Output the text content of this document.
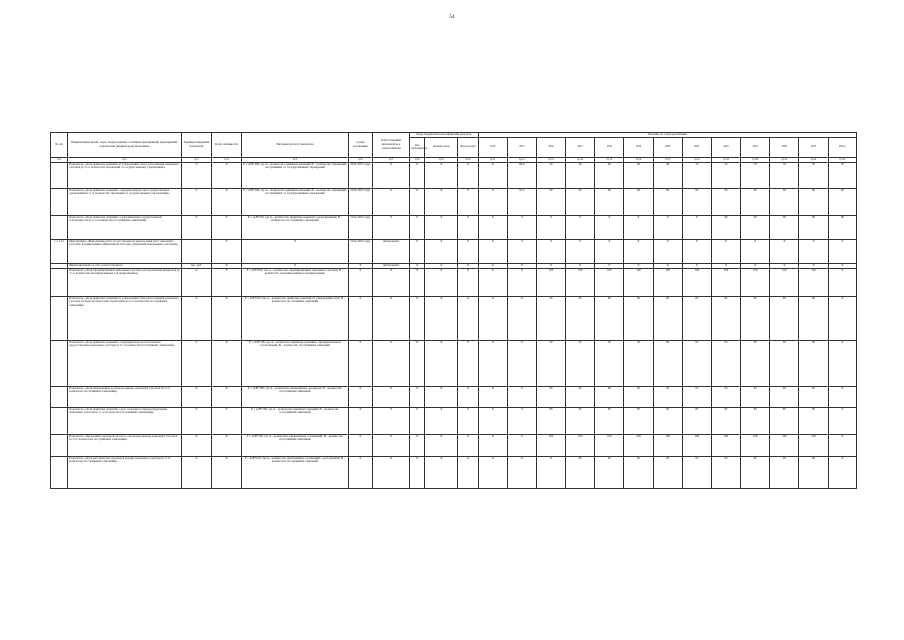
54
№ п/п	Наименование целей, задач, подпрограммы, основных мероприятий, мероприятий, показателей (индикаторов) программы	Единица измерения показателя	Коэф. значимости	Методика расчета показателя	Сроки реализации	Ответственный исполнитель и соисполнители	Коды бюджетной классификации расходов			Значение по годам реализации												
							Код распорядителя	Целевая статья	Вид расходов	2019	2015	2016	2017	2018	2019	2020	2021	2022	2023	2024	2025	Итого
гр.1	гр.2	гр.3	гр.4	гр.5	гр.6	гр.7	гр.8	гр.9	гр.10	гр.11	гр.12	гр.13	гр.14	гр.15	гр.16	гр.17	гр.18	гр.19	гр.20	гр.21	гр.22	гр.23
	Показатель «Доля принятых решений об утверждении схем расположения земельных участков (в % от количества обращений от государственных учреждений)»	%	X	E = A/B*100, где A – количество принятых решений; B – количество обращений, поступивших от государственных учреждений	2014-2025 годы	X	X	X	X	X	66,6	40	40	40	40	40	70	52	70	70	70	70
	Показатель «Доля принятых решений о передаче имущества государственных учреждений (в % от количества обращений от государственных учреждений)»	%	X	E = A/B*100, где A – количество принятых решений; B – количество обращений, поступивших от государственных учреждений	2014-2025 годы	X	X	X	X	X	91,3	90	90	90	90	90	60	60	60	60	60	60
	Показатель «Доля принятых решений о разграничении государственной собственности (в % от количества поступивших заявлений)»	%	X	E = A/B*100, где A – количество принятых решений о разграничении; B – количество поступивших обращений	2014-2025 годы	X	X	X	X	X	X	X	X	X	X	X	X	90	90	90	90	90
1.1.1.15	Мероприятие «Выполнение работ по постановке на кадастровый учет земельных участков, формированию эффективной системы управления земельными участками»		X	X	2014-2025 годы	Департамент	X	X	X	X	X	X	X	X	X	X	X	X	X	X	X	X
	Финансирование за счет средств бюджета	тыс. руб.	X	X	X	Департамент	X	X	X	X	X	X	X	X	X	X	X	X	X	X	X	X
	Показатель «Доля сформированных земельных участков для проведения аукционов (в % от количества запланированных к формированию)»	%	X	E = A/B*100, где A – количество сформированных земельных участков; B – количество запланированных к формированию	X	X	X	X	X	X	X	100	100	100	100	100	100	100	100	100	100	X
	Показатель «Доля принятых решений об утверждении схем расположения земельных участков на кадастровом плане территории (в % от количества поступивших заявлений)»	%	X	E = A/B*100, где A – количество принятых решений об утверждении схем; B – количество поступивших заявлений	X	X	X	X	X	X	X	40	85	85	85	85	85	85	85	85	85	X
	Показатель «Доля принятых решений о предварительном согласовании предоставления земельных участков (в % от количества поступивших заявлений)»	%	X	E = A/B*100, где A – количество принятых решений о предварительном согласовании; B – количество поступивших заявлений	X	X	X	X	X	X	X	40	50	50	50	60	65	65	65	65	65	X
	Показатель «Доля заключенных договоров аренды земельных участков (в % от количества поступивших заявлений)»	%	X	E = A/B*100, где A – количество заключенных договоров; B – количество поступивших заявлений	X	X	X	X	X	X	X	80	85	90	95	95	95	95	95	95	95	X
	Показатель «Доля принятых решений о даче согласия на перераспределение земельных участков (в % от количества поступивших заявлений)»	%	X	E = A/B*100, где A – количество принятых решений; B – количество поступивших заявлений	X	X	X	X	X	X	X	80	85	85	85	85	85	85	85	85	85	X
	Показатель «Переданных арендной платы по договорам аренды земельных участков (в % от количества поступивших заявлений)»	%	X	E = A/B*100, где A – количество заключенных соглашений; B – количество поступивших заявлений	X	X	X	X	X	X	X	100	100	100	100	100	100	100	100	100	100	X
	Показатель «Доля расторгнутых договоров аренды земельных участков (в % от количества поступивших заявлений)»	%	X	E = A/B*100, где A – количество заключенных соглашений о расторжении; B – количество поступивших заявлений	X	X	X	X	X	X	X	X	90	95	95	95	95	95	95	95	95	X
